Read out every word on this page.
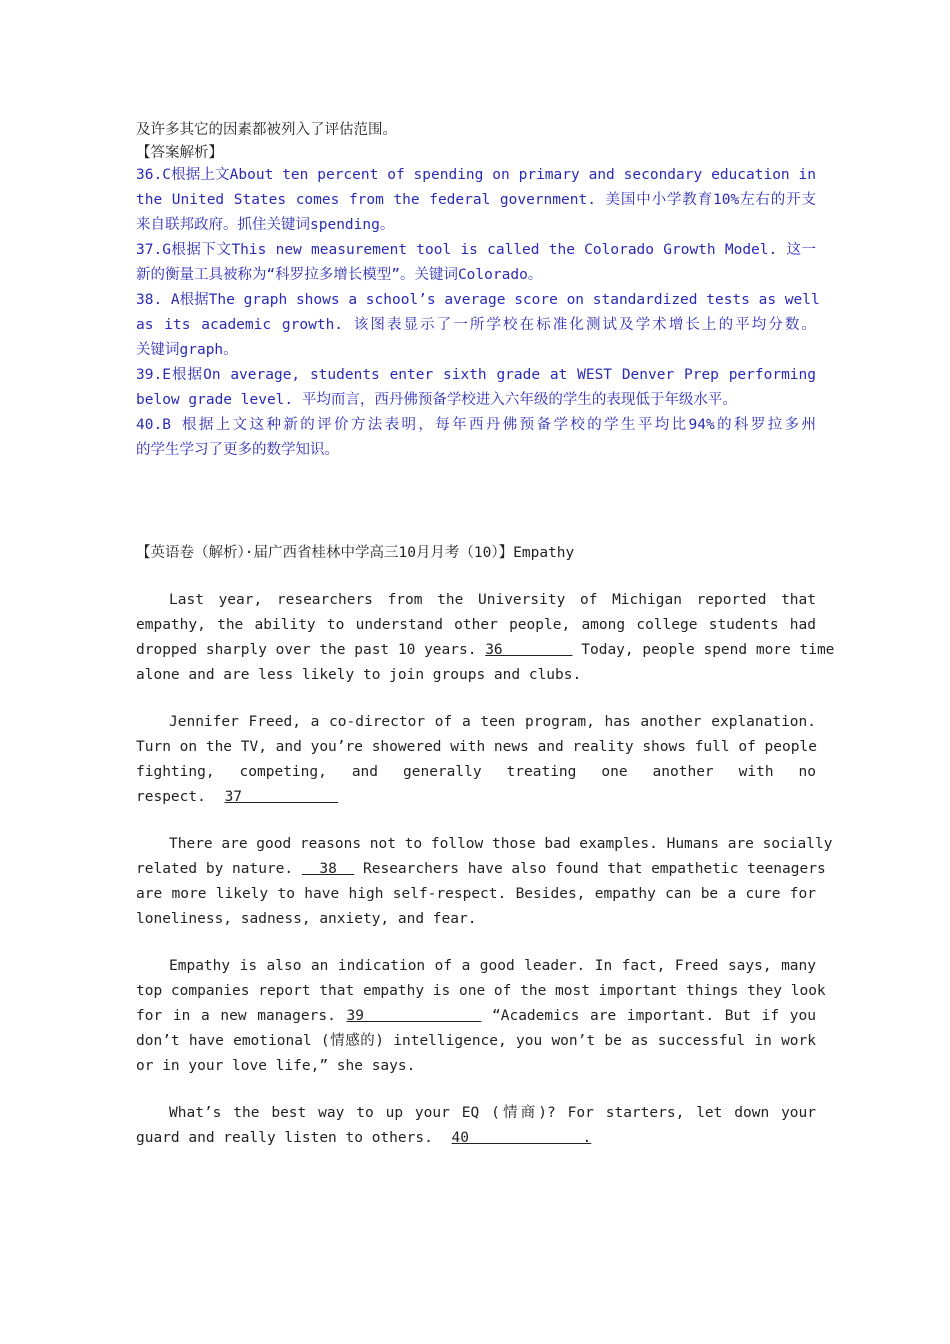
及许多其它的因素都被列入了评估范围。
【答案解析】
36.C根据上文About ten percent of spending on primary and secondary education in
the United States comes from the federal government. 美国中小学教育10%左右的开支
来自联邦政府。抓住关键词spending。
37.G根据下文This new measurement tool is called the Colorado Growth Model. 这一
新的衡量工具被称为“科罗拉多增长模型”。关键词Colorado。
38. A根据The graph shows a school’s average score on standardized tests as well
as its academic growth. 该图表显示了一所学校在标准化测试及学术增长上的平均分数。
关键词graph。
39.E根据On average, students enter sixth grade at WEST Denver Prep performing
below grade level. 平均而言，西丹佛预备学校进入六年级的学生的表现低于年级水平。
40.B 根据上文这种新的评价方法表明，每年西丹佛预备学校的学生平均比94%的科罗拉多州
的学生学习了更多的数学知识。
【英语卷（解析）·届广西省桂林中学高三10月月考（10）】Empathy
Last year, researchers from the University of Michigan reported that
empathy, the ability to understand other people, among college students had
dropped sharply over the past 10 years. 36         Today, people spend more time
alone and are less likely to join groups and clubs.
Jennifer Freed, a co-director of a teen program, has another explanation.
Turn on the TV, and you’re showered with news and reality shows full of people
fighting, competing, and generally treating one another with no
respect. 37
There are good reasons not to follow those bad examples. Humans are socially
related by nature.   38   Researchers have also found that empathetic teenagers
are more likely to have high self-respect. Besides, empathy can be a cure for
loneliness, sadness, anxiety, and fear.
Empathy is also an indication of a good leader. In fact, Freed says, many
top companies report that empathy is one of the most important things they look
for in a new managers. 39            “Academics are important. But if you
don’t have emotional (情感的) intelligence, you won’t be as successful in work
or in your love life,” she says.
What’s the best way to up your EQ (情商)? For starters, let down your
guard and really listen to others. 40             .
